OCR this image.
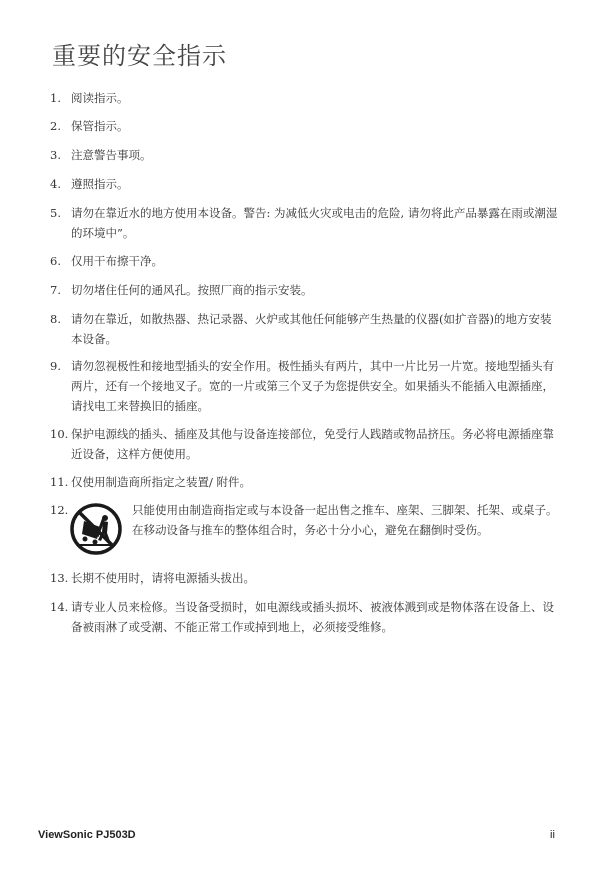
重要的安全指示
1. 阅读指示。
2. 保管指示。
3. 注意警告事项。
4. 遵照指示。
5. 请勿在靠近水的地方使用本设备。警告: 为减低火灾或电击的危险, 请勿将此产品暴露在雨或潮湿的环境中”。
6. 仅用干布擦干净。
7. 切勿堵住任何的通风孔。按照厂商的指示安装。
8. 请勿在靠近，如散热器、热记录器、火炉或其他任何能够产生热量的仪器(如扩音器)的地方安装本设备。
9. 请勿忽视极性和接地型插头的安全作用。极性插头有两片，其中一片比另一片宽。接地型插头有两片，还有一个接地叉子。宽的一片或第三个叉子为您提供安全。如果插头不能插入电源插座，请找电工来替换旧的插座。
10. 保护电源线的插头、插座及其他与设备连接部位，免受行人践踏或物品挤压。务必将电源插座靠近设备，这样方便使用。
11. 仅使用制造商所指定之装置/ 附件。
12.	只能使用由制造商指定或与本设备一起出售之推车、座架、三脚架、托架、或桌子。在移动设备与推车的整体组合时，务必十分小心，避免在翻倒时受伤。
13. 长期不使用时，请将电源插头拔出。
14. 请专业人员来检修。当设备受损时，如电源线或插头损坏、被液体溅到或是物体落在设备上、设备被雨淋了或受潮、不能正常工作或掉到地上，必须接受维修。
ViewSonic PJ503D	ii
